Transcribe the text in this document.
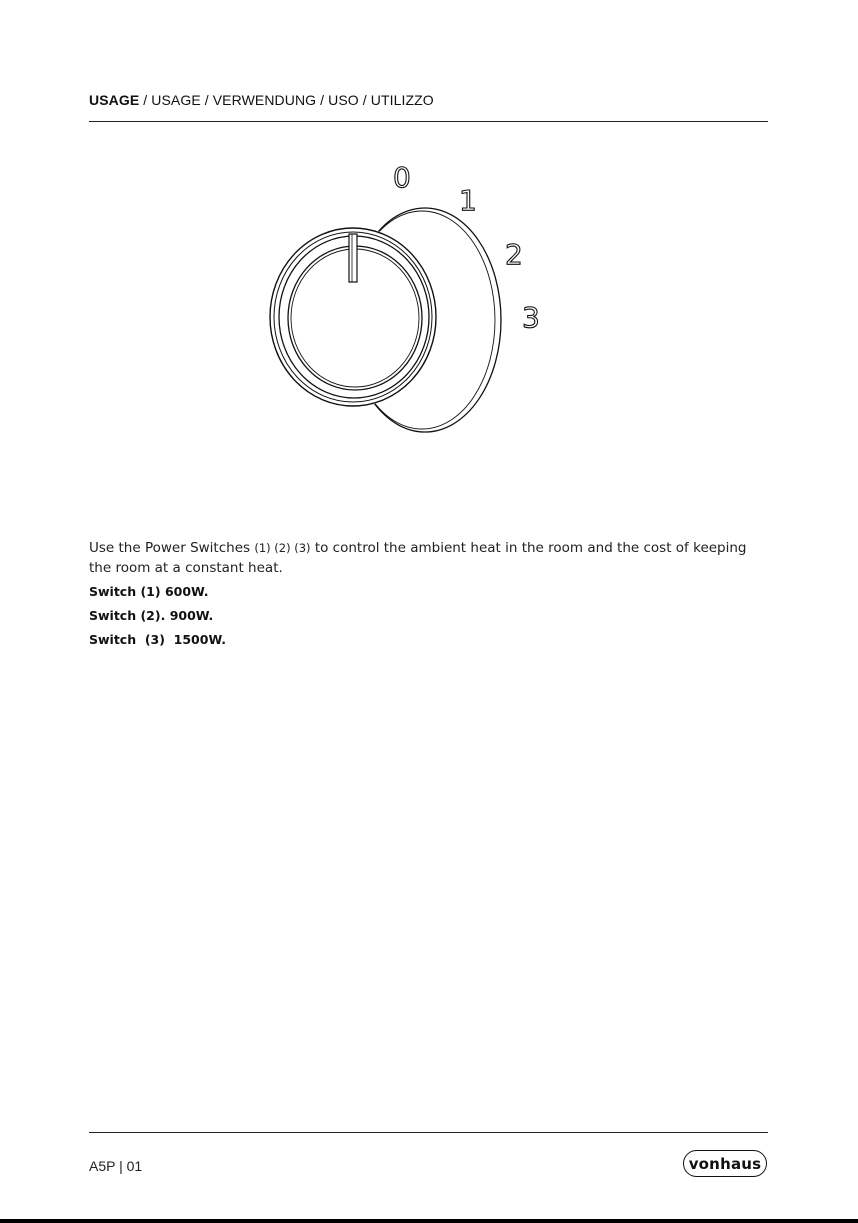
USAGE / USAGE / VERWENDUNG / USO / UTILIZZO
0
1
2
3
Use the Power Switches (1) (2) (3) to control the ambient heat in the room and the cost of keeping the room at a constant heat.
Switch (1) 600W.
Switch (2). 900W.
Switch  (3)  1500W.
A5P | 01	vonhaus
